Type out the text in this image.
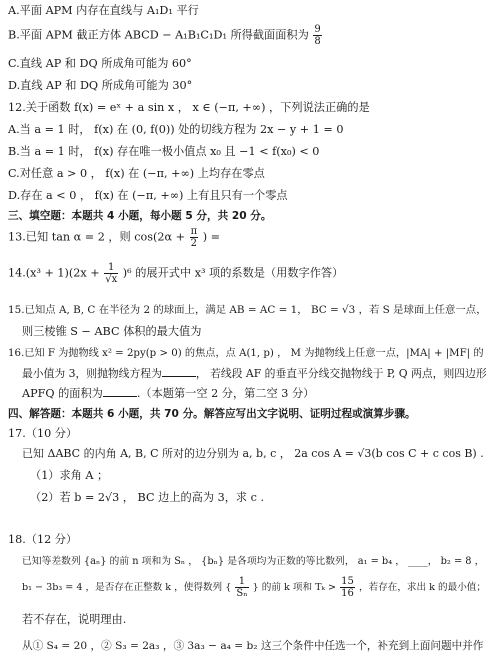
A.平面 APM 内存在直线与 A₁D₁ 平行
B.平面 APM 截正方体 ABCD − A₁B₁C₁D₁ 所得截面面积为 $\frac{9}{8}$
C.直线 AP 和 DQ 所成角可能为 60°
D.直线 AP 和 DQ 所成角可能为 30°
12.关于函数 f(x) = eˣ + a sin x ， x ∈ (−π, +∞) ，下列说法正确的是
A.当 a = 1 时， f(x) 在 (0, f(0)) 处的切线方程为 2x − y + 1 = 0
B.当 a = 1 时， f(x) 存在唯一极小值点 x₀ 且 −1 < f(x₀) < 0
C.对任意 a > 0 ， f(x) 在 (−π, +∞) 上均存在零点
D.存在 a < 0 ， f(x) 在 (−π, +∞) 上有且只有一个零点
三、填空题：本题共 4 小题，每小题 5 分，共 20 分。
13.已知 tan α = 2 ，则 $\cos(2\alpha + \frac{\pi}{2}$ ) =
$14.(x^3 + 1)(2x + \frac{1}{√x} )^6$ 的展开式中 x³ 项的系数是（用数字作答）
15.已知点 A, B, C 在半径为 2 的球面上，满足 AB = AC = 1， BC = √3 ，若 S 是球面上任意一点，
则三棱锥 S − ABC 体积的最大值为
16.已知 F 为抛物线 x² = 2py(p > 0) 的焦点，点 A(1, p) ， M 为抛物线上任意一点，|MA| + |MF| 的
最小值为 3，则抛物线方程为	， 若线段 AF 的垂直平分线交抛物线于 P, Q 两点，则四边形
APFQ 的面积为	.（本题第一空 2 分，第二空 3 分）
四、解答题：本题共 6 小题，共 70 分。解答应写出文字说明、证明过程或演算步骤。
17.（10 分）
已知 ΔABC 的内角 A, B, C 所对的边分别为 a, b, c ， 2a cos A = √3(b cos C + c cos B) .
（1）求角 A ；
（2）若 b = 2√3 ， BC 边上的高为 3，求 c .
18.（12 分）
已知等差数列 {aₙ} 的前 n 项和为 Sₙ ， {bₙ} 是各项均为正数的等比数列， a₁ = b₄ ， ____， b₂ = 8 ，
b₁ − 3b₃ = 4 ，是否存在正整数 k ，使得数列 { $\frac{1}{\text{Sₙ}}$ } 的前 k 项和 $T_k > \frac{15}{16}$ ，若存在，求出 k 的最小值；
若不存在，说明理由.
从① S₄ = 20 ，② S₃ = 2a₃ ，③ 3a₃ − a₄ = b₂ 这三个条件中任选一个，补充到上面问题中并作
